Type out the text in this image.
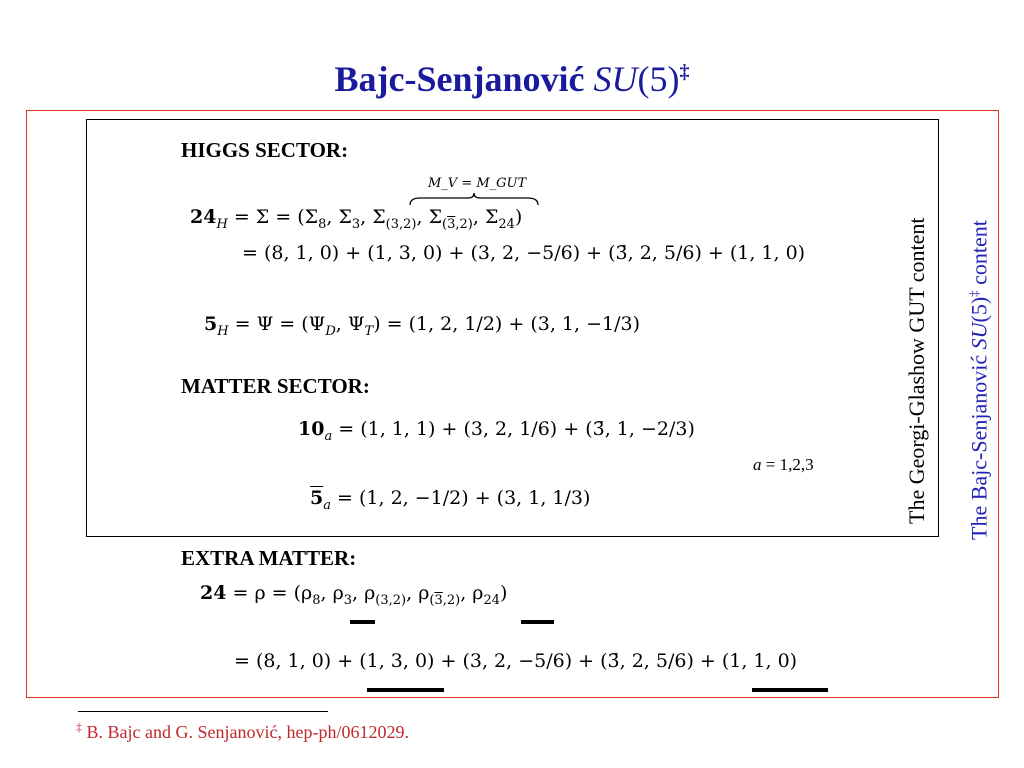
Bajc-Senjanović SU(5)‡
HIGGS SECTOR:
M_V = M_GUT
$24_H = \Sigma = (\Sigma_8$, $\Sigma_3$, $\Sigma_{(3,2)}$, $\Sigma_{(3,2)}$, $\Sigma_{24}$)
= (8, 1, 0) + (1, 3, 0) + (3, 2, −5/6) + (3̄, 2, 5/6) + (1, 1, 0)
$5_H = \Psi = (\Psi_D$, $\Psi_T) = (1$, 2, 1/2) + (3, 1, −1/3)
MATTER SECTOR:
$10_a = (1$, 1, 1) + (3, 2, 1/6) + (3̄, 1, −2/3)
a = 1,2,3
$5_a = (1$, 2, −1/2) + (3, 1, 1/3)
EXTRA MATTER:
$24 = \rho = (\rho_8$, $\rho_3$, $\rho_{(3,2)}$, $\rho_{(3,2)}$, $\rho_{24}$)
= (8, 1, 0) + (1, 3, 0) + (3, 2, −5/6) + (3̄, 2, 5/6) + (1, 1, 0)
The Georgi-Glashow GUT content The Bajc-Senjanović SU(5)‡ content
‡ B. Bajc and G. Senjanović, hep-ph/0612029.
